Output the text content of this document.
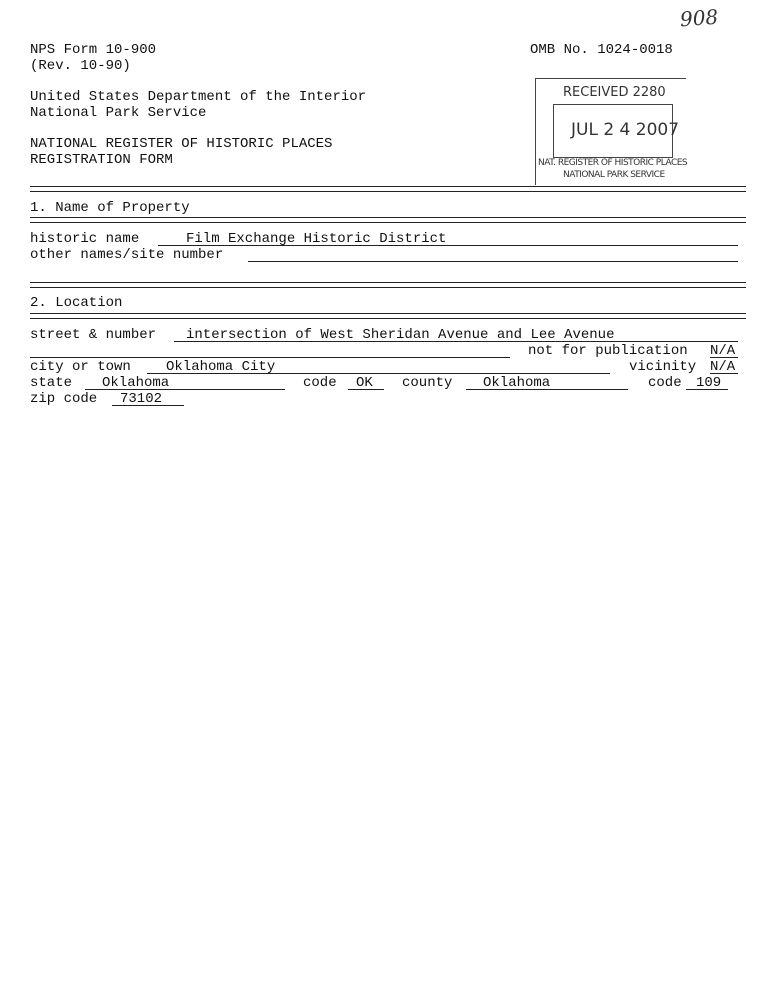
908
NPS Form 10-900
(Rev. 10-90)
OMB No. 1024-0018
United States Department of the Interior
National Park Service
NATIONAL REGISTER OF HISTORIC PLACES
REGISTRATION FORM
RECEIVED 2280
JUL 2 4 2007
NAT. REGISTER OF HISTORIC PLACES
NATIONAL PARK SERVICE
1. Name of Property
historic name	Film Exchange Historic District
other names/site number
2. Location
street & number intersection of West Sheridan Avenue and Lee Avenue
not for publication N/A
city or town	Oklahoma City	vicinity N/A
state Oklahoma	code OK county Oklahoma	code 109
zip code 73102
